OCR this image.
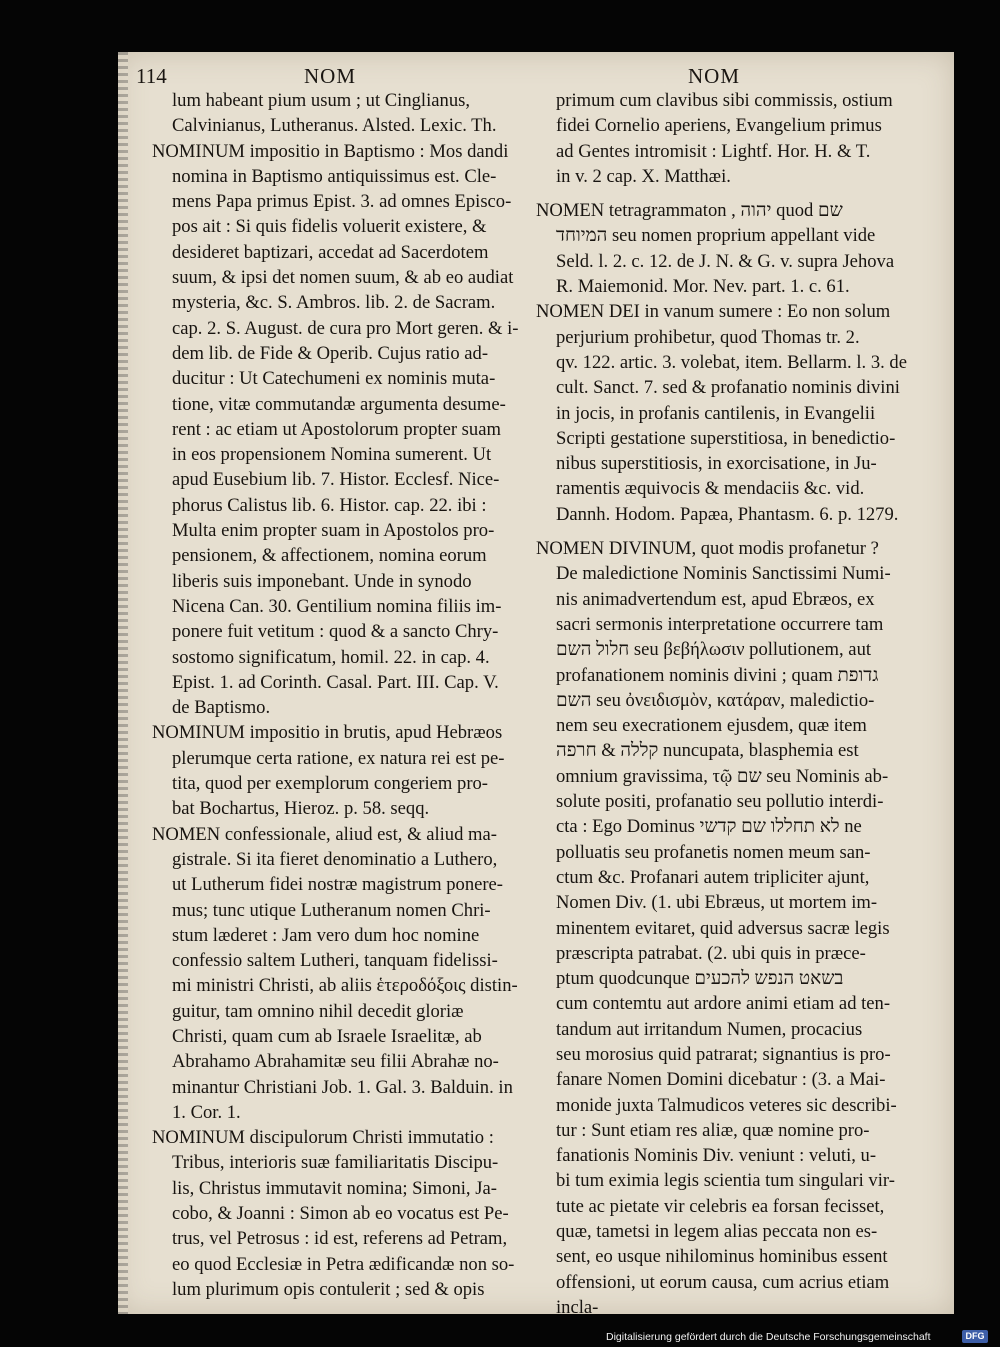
114	NOM	NOM
lum habeant pium usum ; ut Cinglianus,
Calvinianus, Lutheranus. Alsted. Lexic. Th.
NOMINUM impositio in Baptismo : Mos dandi
nomina in Baptismo antiquissimus est. Cle-
mens Papa primus Epist. 3. ad omnes Episco-
pos ait : Si quis fidelis voluerit existere, &
desideret baptizari, accedat ad Sacerdotem
suum, & ipsi det nomen suum, & ab eo audiat
mysteria, &c. S. Ambros. lib. 2. de Sacram.
cap. 2. S. August. de cura pro Mort geren. & i-
dem lib. de Fide & Operib. Cujus ratio ad-
ducitur : Ut Catechumeni ex nominis muta-
tione, vitæ commutandæ argumenta desume-
rent : ac etiam ut Apostolorum propter suam
in eos propensionem Nomina sumerent. Ut
apud Eusebium lib. 7. Histor. Ecclesf. Nice-
phorus Calistus lib. 6. Histor. cap. 22. ibi :
Multa enim propter suam in Apostolos pro-
pensionem, & affectionem, nomina eorum
liberis suis imponebant. Unde in synodo
Nicena Can. 30. Gentilium nomina filiis im-
ponere fuit vetitum : quod & a sancto Chry-
sostomo significatum, homil. 22. in cap. 4.
Epist. 1. ad Corinth. Casal. Part. III. Cap. V.
de Baptismo.
NOMINUM impositio in brutis, apud Hebræos
plerumque certa ratione, ex natura rei est pe-
tita, quod per exemplorum congeriem pro-
bat Bochartus, Hieroz. p. 58. seqq.
NOMEN confessionale, aliud est, & aliud ma-
gistrale. Si ita fieret denominatio a Luthero,
ut Lutherum fidei nostræ magistrum ponere-
mus; tunc utique Lutheranum nomen Chri-
stum læderet : Jam vero dum hoc nomine
confessio saltem Lutheri, tanquam fidelissi-
mi ministri Christi, ab aliis ἑτεροδόξοις distin-
guitur, tam omnino nihil decedit gloriæ
Christi, quam cum ab Israele Israelitæ, ab
Abrahamo Abrahamitæ seu filii Abrahæ no-
minantur Christiani Job. 1. Gal. 3. Balduin. in
1. Cor. 1.
NOMINUM discipulorum Christi immutatio :
Tribus, interioris suæ familiaritatis Discipu-
lis, Christus immutavit nomina; Simoni, Ja-
cobo, & Joanni : Simon ab eo vocatus est Pe-
trus, vel Petrosus : id est, referens ad Petram,
eo quod Ecclesiæ in Petra ædificandæ non so-
lum plurimum opis contulerit ; sed & opis
primum cum clavibus sibi commissis, ostium
fidei Cornelio aperiens, Evangelium primus
ad Gentes intromisit : Lightf. Hor. H. & T.
in v. 2 cap. X. Matthæi.
NOMEN tetragrammaton , יהוה quod שם
המיוחד seu nomen proprium appellant vide
Seld. l. 2. c. 12. de J. N. & G. v. supra Jehova
R. Maiemonid. Mor. Nev. part. 1. c. 61.
NOMEN DEI in vanum sumere : Eo non solum
perjurium prohibetur, quod Thomas tr. 2.
qv. 122. artic. 3. volebat, item. Bellarm. l. 3. de
cult. Sanct. 7. sed & profanatio nominis divini
in jocis, in profanis cantilenis, in Evangelii
Scripti gestatione superstitiosa, in benedictio-
nibus superstitiosis, in exorcisatione, in Ju-
ramentis æquivocis & mendaciis &c. vid.
Dannh. Hodom. Papæa, Phantasm. 6. p. 1279.
NOMEN DIVINUM, quot modis profanetur ?
De maledictione Nominis Sanctissimi Numi-
nis animadvertendum est, apud Ebræos, ex
sacri sermonis interpretatione occurrere tam
חלול השם seu βεβήλωσιν pollutionem, aut
profanationem nominis divini ; quam גדופת
השם seu ὀνειδισμὸν, κατάραν, maledictio-
nem seu execrationem ejusdem, quæ item
קללה & חרפה nuncupata, blasphemia est
omnium gravissima, τῷ שם seu Nominis ab-
solute positi, profanatio seu pollutio interdi-
cta : Ego Dominus לא תחללו שם קדשי ne
polluatis seu profanetis nomen meum san-
ctum &c. Profanari autem tripliciter ajunt,
Nomen Div. (1. ubi Ebræus, ut mortem im-
minentem evitaret, quid adversus sacræ legis
præscripta patrabat. (2. ubi quis in præce-
ptum quodcunque בשאט הנפש להכעים
cum contemtu aut ardore animi etiam ad ten-
tandum aut irritandum Numen, procacius
seu morosius quid patrarat; signantius is pro-
fanare Nomen Domini dicebatur : (3. a Mai-
monide juxta Talmudicos veteres sic describi-
tur : Sunt etiam res aliæ, quæ nomine pro-
fanationis Nominis Div. veniunt : veluti, u-
bi tum eximia legis scientia tum singulari vir-
tute ac pietate vir celebris ea forsan fecisset,
quæ, tametsi in legem alias peccata non es-
sent, eo usque nihilominus hominibus essent
offensioni, ut eorum causa, cum acrius etiam
incla-
Digitalisierung gefördert durch die Deutsche Forschungsgemeinschaft	DFG
